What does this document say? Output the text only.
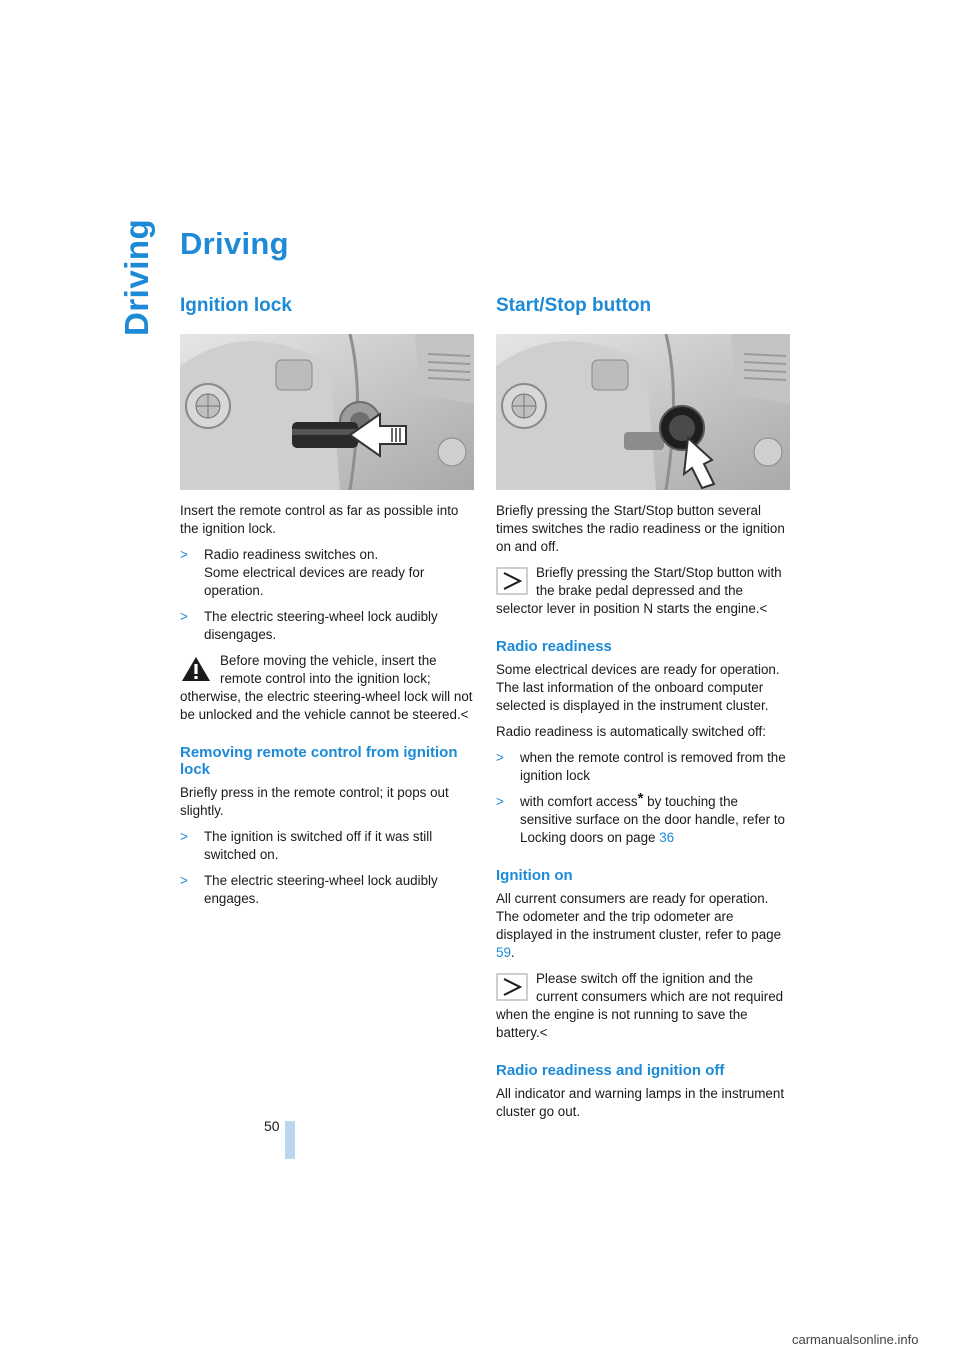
Driving Driving
Ignition lock

Insert the remote control as far as possible into the ignition lock.

> Radio readiness switches on.
Some electrical devices are ready for operation.
> The electric steering-wheel lock audibly disengages.
Before moving the vehicle, insert the remote control into the ignition lock; otherwise, the electric steering-wheel lock will not be unlocked and the vehicle cannot be steered.<
Removing remote control from ignition lock

Briefly press in the remote control; it pops out slightly.

> The ignition is switched off if it was still switched on.
> The electric steering-wheel lock audibly engages.
Start/Stop button

Briefly pressing the Start/Stop button several times switches the radio readiness or the ignition on and off.

Briefly pressing the Start/Stop button with the brake pedal depressed and the selector lever in position N starts the engine.<
Radio readiness

Some electrical devices are ready for operation. The last information of the onboard computer selected is displayed in the instrument cluster.

Radio readiness is automatically switched off:

> when the remote control is removed from the ignition lock
> with comfort access* by touching the sensitive surface on the door handle, refer to Locking doors on page 36
Ignition on

All current consumers are ready for operation. The odometer and the trip odometer are displayed in the instrument cluster, refer to page 59.

Please switch off the ignition and the current consumers which are not required when the engine is not running to save the battery.<
Radio readiness and ignition off

All indicator and warning lamps in the instrument cluster go out.

50
carmanualsonline.info
